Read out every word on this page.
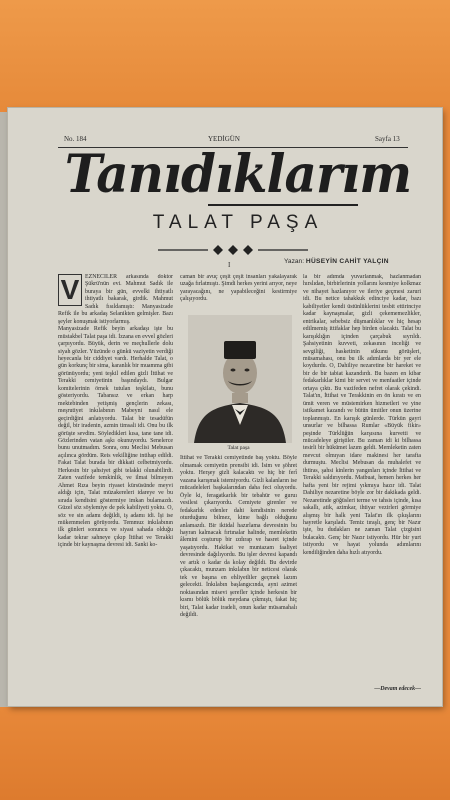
No. 184	YEDİGÜN	Sayfa 13
Tanıdıklarım
TALAT PAŞA
I	Yazan: HÜSEYİN CAHİT YALÇIN
V EZNECİLER arkasında doktor Şükrü'nün evi. Mahmut Sadık ile buraya bir gün, evvelki ihtiyatlı ihtiyatlı bakarak, girdik. Mahmut Sadık fısıldamıştı: Manyasizade Refik ile bu arkadaş Selanikten gelmişler. Bazı şeyler konuşmak istiyorlarmış.
Manyasizade Refik beyin arkadaşı işte bu müstakbel Talat paşa idi. İzzana en evvel gözleri çarpıyordu. Büyük, derin ve meçhullerle dolu siyah gözler. Yüzünde o günkü vaziyetin verdiği heyecanla bir ciddiyet vardı. Herhalde Talat, o gün korkunç bir sima, karanlık bir muamma gibi görünüyordu; yeni teşkil edilen gizli İttihat ve Terakki cemiyetinin başındaydı. Bulgar komitelerinin örnek tutulan teşkilatı, bunu gösteriyordu. Tabansız ve erkan harp mektebinden yetişmiş gençlerin zekası, meşrutiyet inkılabının Mabeyni nasıl ele geçirdiğini anlatıyordu. Talat bir tesadüfün değil, bir iradenin, azmin timsali idi. Onu bu ilk görüşte sevdim. Söyledikleri kısa, tane tane idi. Gözlerinden vatan aşkı okunuyordu. Senelerce bunu unutmadım. Sonra, onu Meclisi Mebusan açılınca gördüm. Reis vekilliğine intihap edildi. Fakat Talat burada bir dikkati celbetmiyordu. Herkesin bir şahsiyet gibi telakki olunabilirdi. Zaten vazifede temkinlik, ve ilmai bilmeyen Ahmet Rıza beyin riyaset kürsüsünde meyvi aldığı için, Talat müzakereleri idareye ve bu sırada kendisini göstermiye imkan bulamazdı. Güzel söz söylemiye de pek kabiliyeti yoktu. O, söz ve sin adamı değildi, iş adamı idi. İşi ise mükemmelen görüyordu. Temmuz inkılabının ilk günleri sonuncu ve siyasi sahada olduğu kadar tekrar sahneye çıkıp İttihat ve Terakki içinde bir kaynaşma devresi idi. Sanki ko-
caman bir avuç çeşit çeşit insanları yakalayarak uzağa fırlatmıştı. Şimdi herkes yerini arıyor, neye yarayacağını, ne yapabileceğini kestirmiye çalışıyordu.
Talat paşa
İttihat ve Terakki cemiyetinde baş yoktu. Böyle olmamak cemiyetin prensibi idi. İsim ve şöhret yoktu. Herşey gizli kalacaktı ve hiç bir ferî vazana karışmak istemiyordu. Gizli kalanların ise mücadeleleri başkalarından daha feci oluyordu. Öyle ki, feragatkarlık bir tebahür ve guruı vesilesi çıkarıyordu. Cemiyete girenler ve fedakarlık edenler dahi kendisinin nerede oturduğunu bilmez, kime bağlı olduğunu anlamazdı. Bir iktidal hazırlama devresinin bu hayran kalmacak fırtınalar halinde, memleketin âlemini coşturup bir ızdırap ve hasret içinde yaşatıyordu. Hakikat ve muntazam faaliyet devresinde dağılıyordu. Bu işler devresi kapandı ve artık o kadar da kolay değildi. Bu devirde çıkacaktı, munzam inkılabın bir neticesi olarak tek ve başına en ehliyetliler geçmek lazım gelecekti. İnkılabın başlangıcında, ayni azimet noktasından misevi şerefler içinde herkesin bir kısmı bölük bölük meydana çıkmıştı, fakat hiç biri, Talat kadar iradeli, onun kadar müsamahalı değildi.
la bir adımda yuvarlanmak, hazlanmadan hırslıdan, birbirlerinin yollarını kesmiye kolkmaz ve nihayet hazlanıyor ve ileriye geçmesi zaruri idi. Bu netice tahakkuk edinciye kadar, bazı kabiliyetler kendi üstünlüklerini tesbit ettirinciye kadar kaynaşmalar, gizli çekememezlikler, entrikalar, sebebsiz düşmanlıklar ve hiç hesap edilmemiş ittifaklar hep birden olacaktı. Talat bu karışıklığın içinden çarçabuk sıyrıldı. Şahsiyetinin kuvveti, zekasının inceliği ve sevgiliği, hasketinin sükunu görüşleri, müsamahası, onu bu ilk adımlarda bir yer ele koydurdu. O, Dahiliye nezaretine bir hareket ve bir de bir tabiat kazandırdı. Bu bazen en kibar fedakarlıklar kimi bir servet ve menfaatler içinde ortaya çıktı. Bu vazifeden nefret olarak çekindi. Talat'ın, İttihat ve Terakkinin en ön kıratı ve en ümit veren ve müstemirken hizmetleri ve yine istikamet kazandı ve bütün ümitler onun üzerine toplanmıştı. En karışık günlerde. Türkün gayri unsurlar ve bilhassa Rumlar «Büyük fikir» peşinde Türklüğün karşısına kurvetti ve mücadeleye giriştiler. Bu zaman idi ki bilhassa tesirli bir hükümet lazım geldi. Memleketin zaten mevcut olmıyan idare makinesi her tarafta durmuştu. Meclisi Mebusan da muhalefet ve ihtiras, şahsi kinlerin yangınları içinde İttihat ve Terakki saldırıyordu. Matbuat, hemen herkes her hafta yeni bir rejimi yıkmıya hazır idi. Talat Dahiliye nezaretine böyle zor bir dakikada geldi. Nezaretinde göğüsleri terme ve tahsis içinde, kısa sakallı, atik, azimkar, ihtiyar vezirleri görmiye alışmış bir halk yeni Talat'ın ilk çıkışlarını hayretle karşıladı. Temiz tıraşlı, genç bir Nazır işte, bu dudakları ne zaman Talat çizgisini bulacaktı. Genç bir Nazır istiyordu. Hür bir yurt istiyordu ve hayat yolunda adımlarını kendiliğinden daha hızlı atıyordu.
—Devam edecek—
